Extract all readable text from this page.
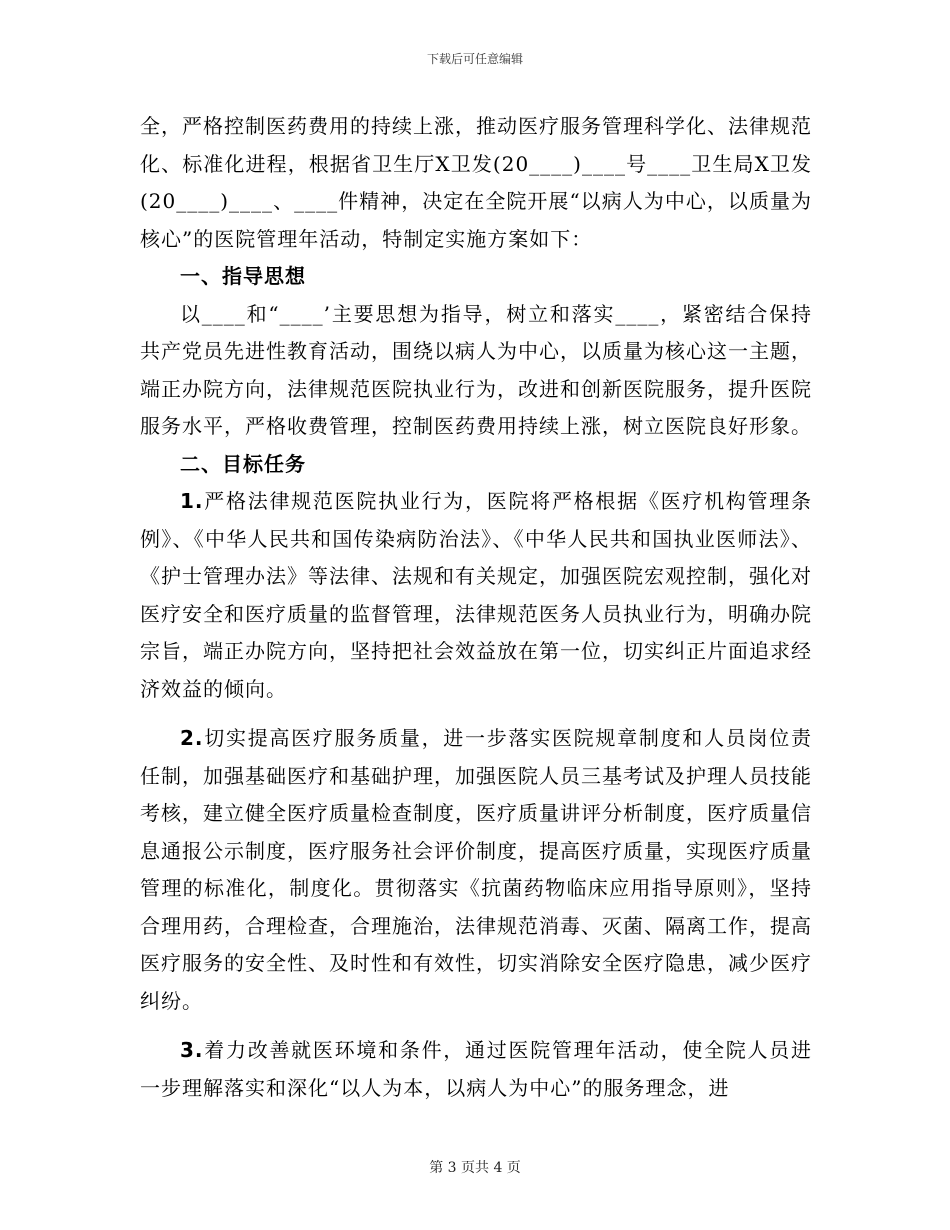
下载后可任意编辑

全，严格控制医药费用的持续上涨，推动医疗服务管理科学化、法律规范化、标准化进程，根据省卫生厅X卫发(20____)____号____卫生局X卫发(20____)____、____件精神，决定在全院开展“以病人为中心，以质量为核心”的医院管理年活动，特制定实施方案如下：

一、指导思想

以____和“____’主要思想为指导，树立和落实____，紧密结合保持共产党员先进性教育活动，围绕以病人为中心，以质量为核心这一主题，端正办院方向，法律规范医院执业行为，改进和创新医院服务，提升医院服务水平，严格收费管理，控制医药费用持续上涨，树立医院良好形象。

二、目标任务

1.严格法律规范医院执业行为，医院将严格根据《医疗机构管理条例》、《中华人民共和国传染病防治法》、《中华人民共和国执业医师法》、《护士管理办法》等法律、法规和有关规定，加强医院宏观控制，强化对医疗安全和医疗质量的监督管理，法律规范医务人员执业行为，明确办院宗旨，端正办院方向，坚持把社会效益放在第一位，切实纠正片面追求经济效益的倾向。

2.切实提高医疗服务质量，进一步落实医院规章制度和人员岗位责任制，加强基础医疗和基础护理，加强医院人员三基考试及护理人员技能考核，建立健全医疗质量检查制度，医疗质量讲评分析制度，医疗质量信息通报公示制度，医疗服务社会评价制度，提高医疗质量，实现医疗质量管理的标准化，制度化。贯彻落实《抗菌药物临床应用指导原则》，坚持合理用药，合理检查，合理施治，法律规范消毒、灭菌、隔离工作，提高医疗服务的安全性、及时性和有效性，切实消除安全医疗隐患，减少医疗纠纷。

3.着力改善就医环境和条件，通过医院管理年活动，使全院人员进一步理解落实和深化“以人为本，以病人为中心”的服务理念，进

第 3 页共 4 页
